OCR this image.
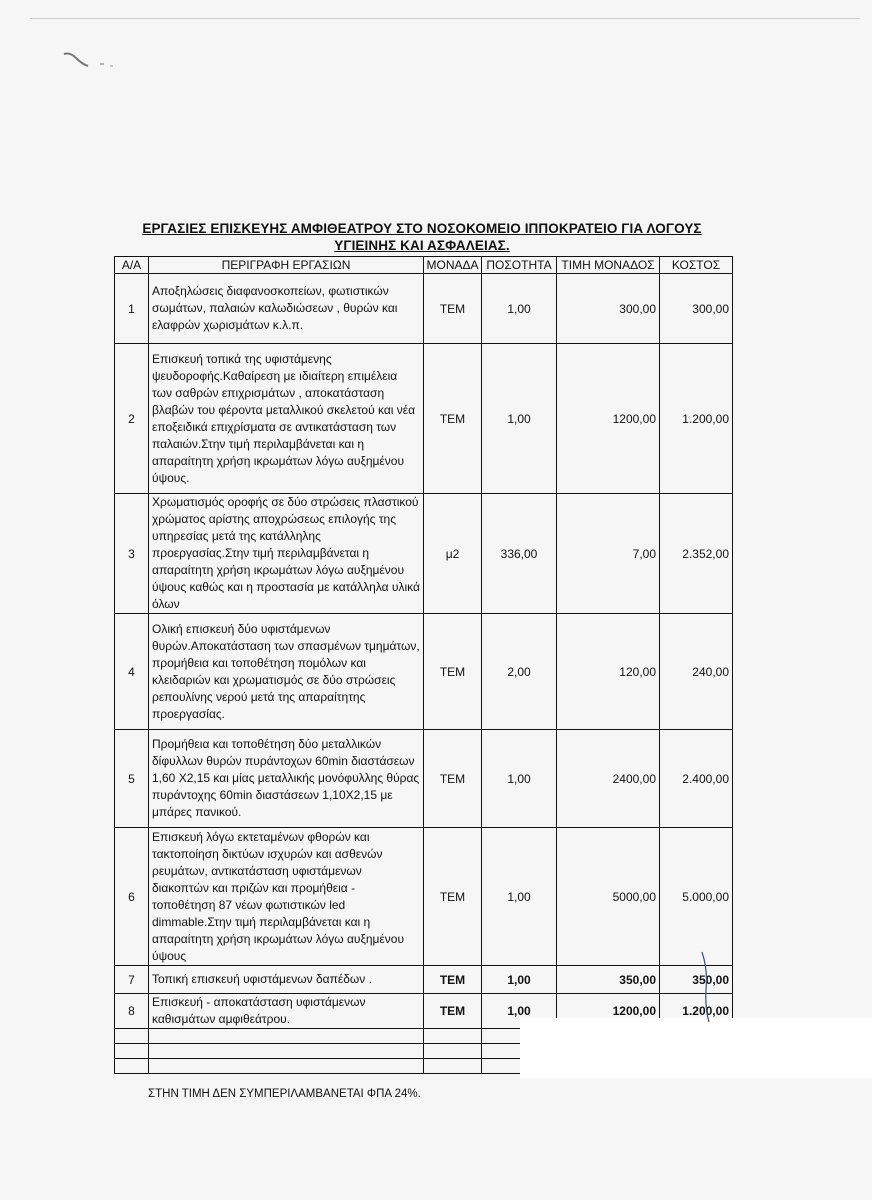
ΕΡΓΑΣΙΕΣ ΕΠΙΣΚΕΥΗΣ ΑΜΦΙΘΕΑΤΡΟΥ ΣΤΟ ΝΟΣΟΚΟΜΕΙΟ ΙΠΠΟΚΡΑΤΕΙΟ ΓΙΑ ΛΟΓΟΥΣ ΥΓΙΕΙΝΗΣ ΚΑΙ ΑΣΦΑΛΕΙΑΣ.
Α/Α	ΠΕΡΙΓΡΑΦΗ ΕΡΓΑΣΙΩΝ	ΜΟΝΑΔΑ	ΠΟΣΟΤΗΤΑ	ΤΙΜΗ ΜΟΝΑΔΟΣ	ΚΟΣΤΟΣ
1	Αποξηλώσεις διαφανοσκοπείων, φωτιστικών σωμάτων, παλαιών καλωδιώσεων , θυρών και ελαφρών χωρισμάτων κ.λ.π.	ΤΕΜ	1,00	300,00	300,00
2	Επισκευή τοπικά της υφιστάμενης ψευδοροφής.Καθαίρεση με ιδιαίτερη επιμέλεια των σαθρών επιχρισμάτων , αποκατάσταση βλαβών του φέροντα μεταλλικού σκελετού και νέα εποξειδικά επιχρίσματα σε αντικατάσταση των παλαιών.Στην τιμή περιλαμβάνεται και η απαραίτητη χρήση ικρωμάτων λόγω αυξημένου ύψους.	ΤΕΜ	1,00	1200,00	1.200,00
3	Χρωματισμός οροφής σε δύο στρώσεις πλαστικού χρώματος αρίστης αποχρώσεως επιλογής της υπηρεσίας μετά της κατάλληλης προεργασίας.Στην τιμή περιλαμβάνεται η απαραίτητη χρήση ικρωμάτων λόγω αυξημένου ύψους καθώς και η προστασία με κατάλληλα υλικά όλων	μ2	336,00	7,00	2.352,00
4	Ολική επισκευή δύο υφιστάμενων θυρών.Αποκατάσταση των σπασμένων τμημάτων, προμήθεια και τοποθέτηση πομόλων και κλειδαριών και χρωματισμός σε δύο στρώσεις ρεπουλίνης νερού μετά της απαραίτητης προεργασίας.	ΤΕΜ	2,00	120,00	240,00
5	Προμήθεια και τοποθέτηση δύο μεταλλικών δίφυλλων θυρών πυράντοχων 60min διαστάσεων 1,60 Χ2,15 και μίας μεταλλικής μονόφυλλης θύρας πυράντοχης 60min διαστάσεων 1,10Χ2,15 με μπάρες πανικού.	ΤΕΜ	1,00	2400,00	2.400,00
6	Επισκευή λόγω εκτεταμένων φθορών και τακτοποίηση δικτύων ισχυρών και ασθενών ρευμάτων, αντικατάσταση υφιστάμενων διακοπτών και πριζών και προμήθεια - τοποθέτηση 87 νέων φωτιστικών led dimmable.Στην τιμή περιλαμβάνεται και η απαραίτητη χρήση ικρωμάτων λόγω αυξημένου ύψους	ΤΕΜ	1,00	5000,00	5.000,00
7	Τοπική επισκευή υφιστάμενων δαπέδων .	ΤΕΜ	1,00	350,00	350,00
8	Επισκευή - αποκατάσταση υφιστάμενων καθισμάτων αμφιθεάτρου.	ΤΕΜ	1,00	1200,00	1.200,00

ΣΤΗΝ ΤΙΜΗ ΔΕΝ ΣΥΜΠΕΡΙΛΑΜΒΑΝΕΤΑΙ ΦΠΑ 24%.
